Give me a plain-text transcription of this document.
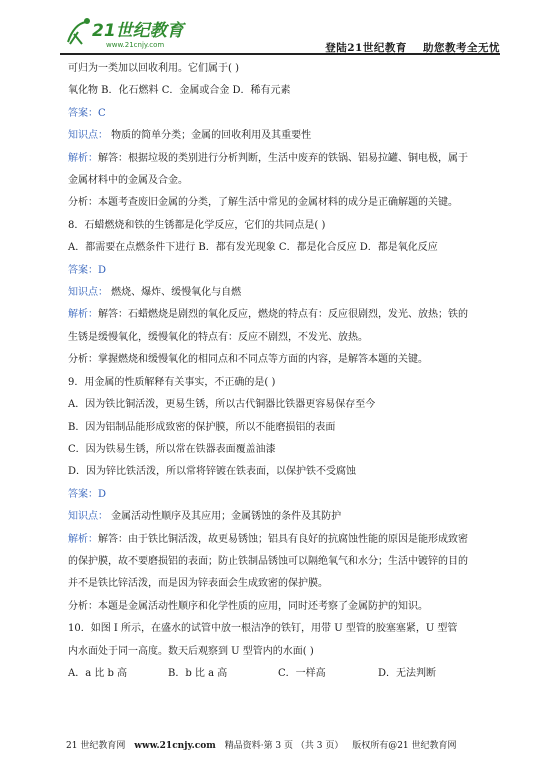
21世纪教育
www.21cnjy.com	登陆21世纪教育 助您教考全无忧
可归为一类加以回收利用。它们属于( )
氧化物 B．化石燃料 C．金属或合金 D．稀有元素
答案：C
知识点： 物质的简单分类；金属的回收利用及其重要性
解析：解答：根据垃圾的类别进行分析判断，生活中废弃的铁锅、铝易拉罐、铜电极，属于
金属材料中的金属及合金。
分析：本题考查废旧金属的分类，了解生活中常见的金属材料的成分是正确解题的关键。
8．石蜡燃烧和铁的生锈都是化学反应，它们的共同点是( )
A．都需要在点燃条件下进行 B．都有发光现象 C．都是化合反应 D．都是氧化反应
答案：D
知识点： 燃烧、爆炸、缓慢氧化与自燃
解析：解答：石蜡燃烧是剧烈的氧化反应，燃烧的特点有：反应很剧烈，发光、放热；铁的
生锈是缓慢氧化，缓慢氧化的特点有：反应不剧烈，不发光、放热。
分析：掌握燃烧和缓慢氧化的相同点和不同点等方面的内容，是解答本题的关键。
9．用金属的性质解释有关事实，不正确的是( )
A．因为铁比铜活泼，更易生锈，所以古代铜器比铁器更容易保存至今
B．因为铝制品能形成致密的保护膜，所以不能磨损铝的表面
C．因为铁易生锈，所以常在铁器表面覆盖油漆
D．因为锌比铁活泼，所以常将锌镀在铁表面，以保护铁不受腐蚀
答案：D
知识点： 金属活动性顺序及其应用；金属锈蚀的条件及其防护
解析：解答：由于铁比铜活泼，故更易锈蚀；铝具有良好的抗腐蚀性能的原因是能形成致密
的保护膜，故不要磨损铝的表面；防止铁制品锈蚀可以隔绝氧气和水分；生活中镀锌的目的
并不是铁比锌活泼，而是因为锌表面会生成致密的保护膜。
分析：本题是金属活动性顺序和化学性质的应用，同时还考察了金属防护的知识。
10．如图 I 所示，在盛水的试管中放一根洁净的铁钉，用带 U 型管的胶塞塞紧，U 型管
内水面处于同一高度。数天后观察到 U 型管内的水面( )
A．a 比 b 高	B．b 比 a 高	C．一样高	D．无法判断
21 世纪教育网 www.21cnjy.com 精品资料·第 3 页 （共 3 页） 版权所有@21 世纪教育网
